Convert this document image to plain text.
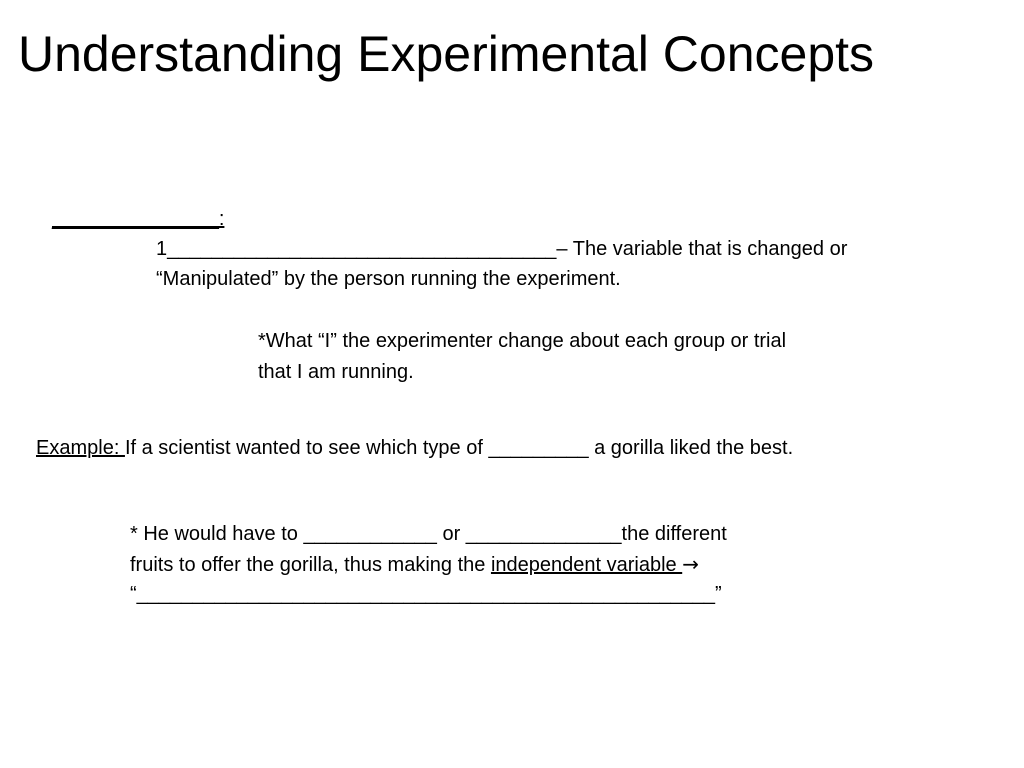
Understanding Experimental Concepts

_______________:

1___________________________________– The variable that is changed or

“Manipulated” by the person running the experiment.

*What “I” the experimenter change about each group or trial

that I am running.

Example: If a scientist wanted to see which type of _________ a gorilla liked the best.

* He would have to ____________ or ______________the different

fruits to offer the gorilla, thus making the independent variable →

“____________________________________________________”
